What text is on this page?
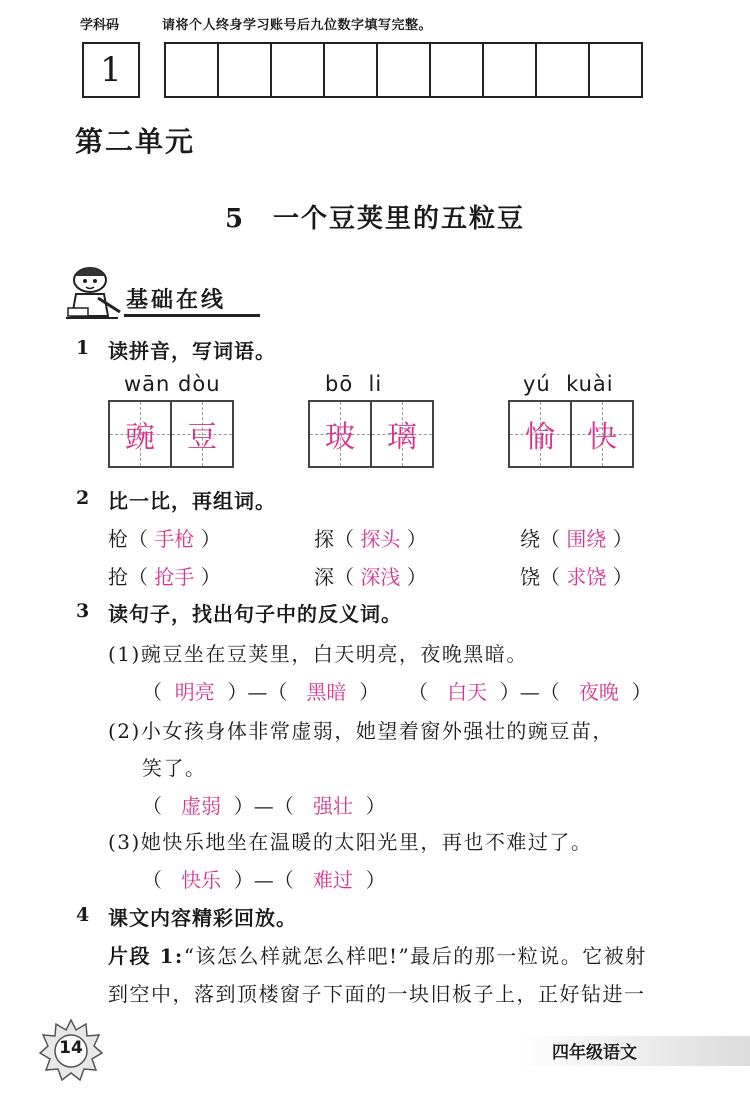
学科码	请将个人终身学习账号后九位数字填写完整。
1
第二单元
5 一个豆荚里的五粒豆
基础在线
1 读拼音，写词语。
wān dòu	bō  li	yú  kuài
豌	豆	玻	璃	愉	快
2 比一比，再组词。
枪（ 手枪 ）	探（ 探头 ）	绕（ 围绕 ）
抢（ 抢手 ）	深（ 深浅 ）	饶（ 求饶 ）
3 读句子，找出句子中的反义词。
(1)豌豆坐在豆荚里，白天明亮，夜晚黑暗。
（  明亮  ）—（   黑暗  ） （   白天  ）—（   夜晚  ）
(2)小女孩身体非常虚弱，她望着窗外强壮的豌豆苗，
笑了。
（   虚弱  ）—（   强壮  ）
(3)她快乐地坐在温暖的太阳光里，再也不难过了。
（   快乐  ）—（   难过  ）
4 课文内容精彩回放。
片段 1:“该怎么样就怎么样吧!”最后的那一粒说。它被射
到空中，落到顶楼窗子下面的一块旧板子上，正好钻进一
14	四年级语文
